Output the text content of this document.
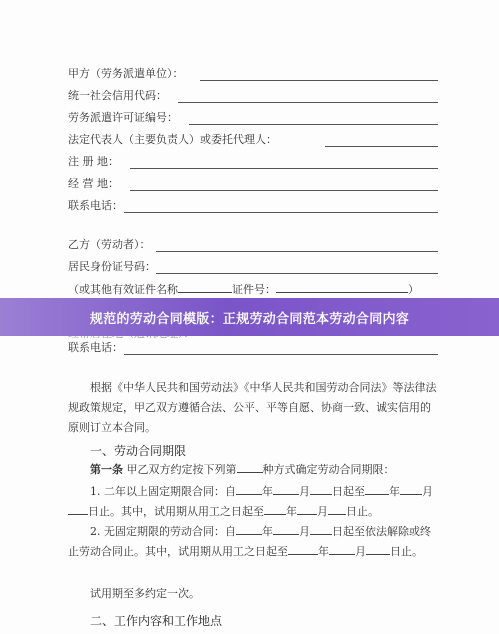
甲方（劳务派遣单位）：
统一社会信用代码：
劳务派遣许可证编号：
法定代表人（主要负责人）或委托代理人：
注 册 地：
经 营 地：
联系电话：
乙方（劳动者）：
居民身份证号码：
（或其他有效证件名称	证件号：	）
联系电话：
规范的劳动合同模版：正规劳动合同范本劳动合同内容
根据《中华人民共和国劳动法》《中华人民共和国劳动合同法》等法律法规政策规定，甲乙双方遵循合法、公平、平等自愿、协商一致、诚实信用的原则订立本合同。
一、劳动合同期限
第一条 甲乙双方约定按下列第 种方式确定劳动合同期限：
1. 二年以上固定期限合同：自 年 月 日起至 年 月日止。其中，试用期从用工之日起至 年 月 日止。
2. 无固定期限的劳动合同：自 年 月 日起至依法解除或终止劳动合同止。其中，试用期从用工之日起至	年 月 日止。
试用期至多约定一次。
二、工作内容和工作地点
